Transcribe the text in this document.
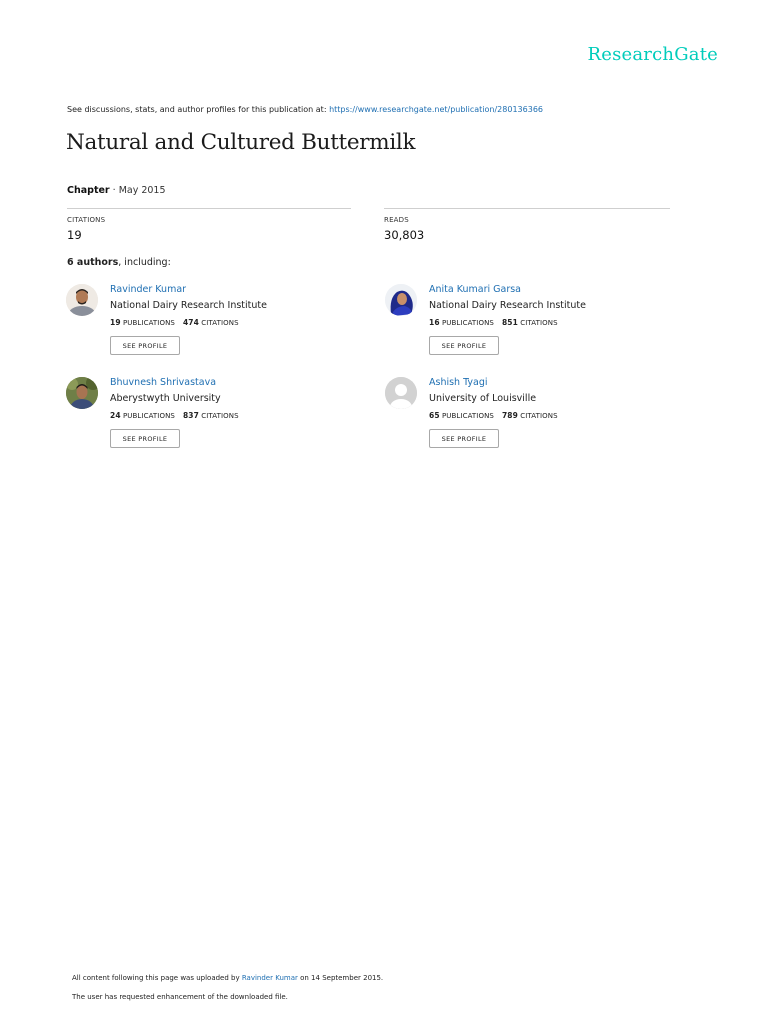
ResearchGate
See discussions, stats, and author profiles for this publication at: https://www.researchgate.net/publication/280136366
Natural and Cultured Buttermilk
Chapter · May 2015
CITATIONS
19
READS
30,803
6 authors, including:
Ravinder Kumar
National Dairy Research Institute
19 PUBLICATIONS 474 CITATIONS
SEE PROFILE
Anita Kumari Garsa
National Dairy Research Institute
16 PUBLICATIONS 851 CITATIONS
SEE PROFILE
Bhuvnesh Shrivastava
Aberystwyth University
24 PUBLICATIONS 837 CITATIONS
SEE PROFILE
Ashish Tyagi
University of Louisville
65 PUBLICATIONS 789 CITATIONS
SEE PROFILE
All content following this page was uploaded by Ravinder Kumar on 14 September 2015.
The user has requested enhancement of the downloaded file.
